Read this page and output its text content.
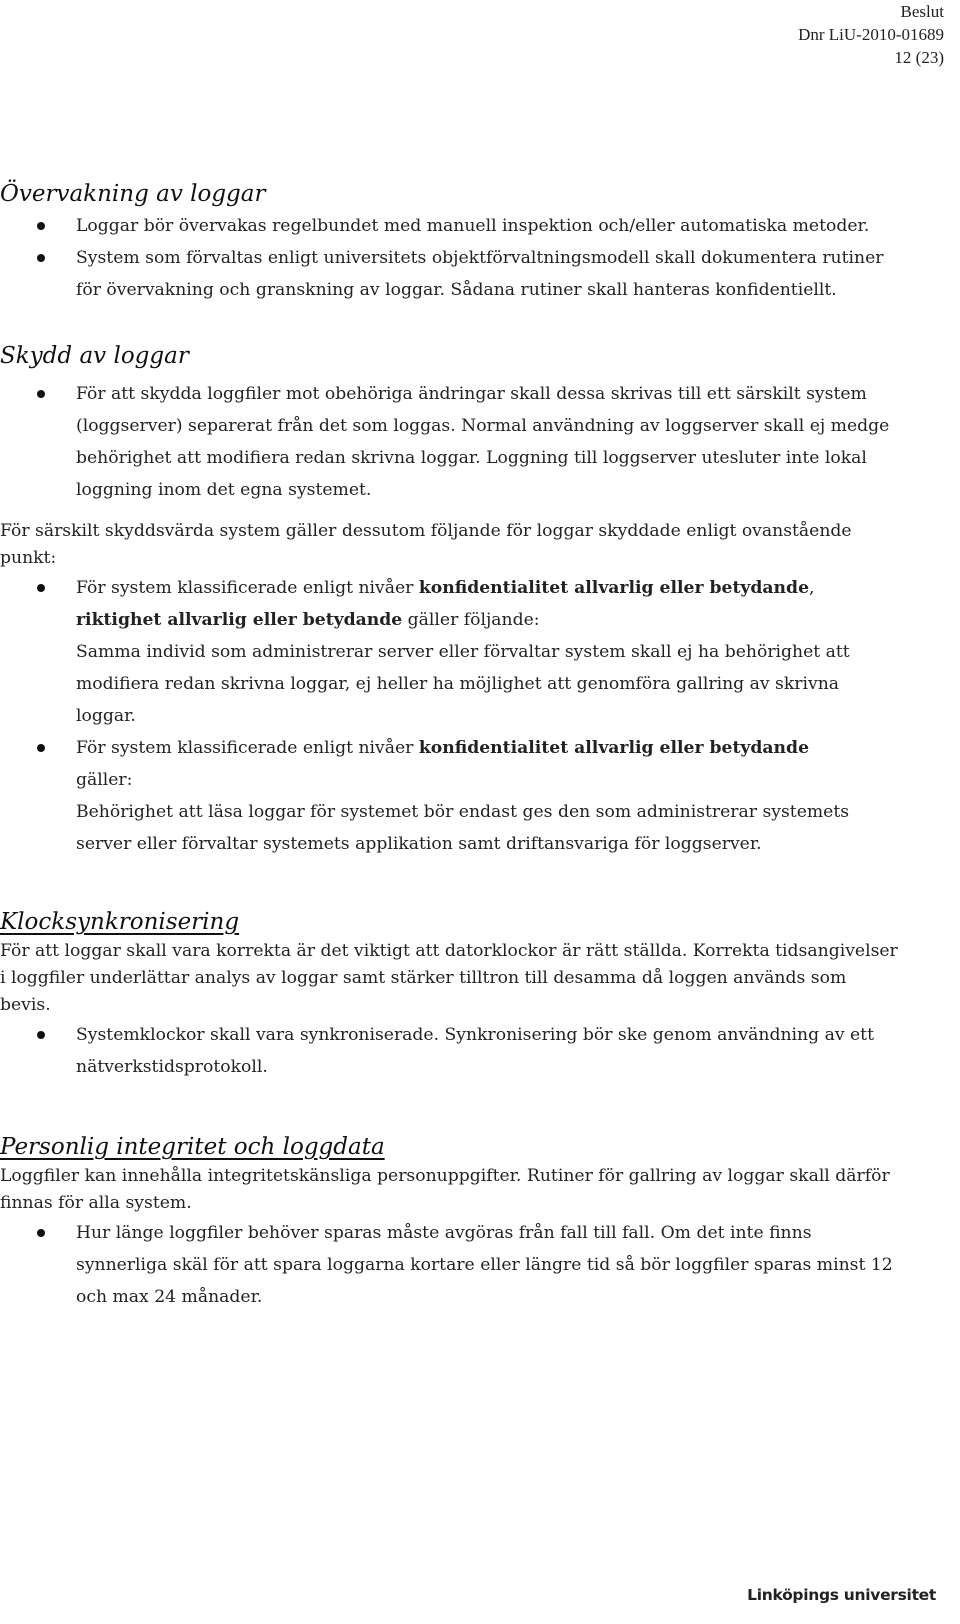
Beslut
Dnr LiU-2010-01689
12 (23)
Övervakning av loggar
Loggar bör övervakas regelbundet med manuell inspektion och/eller automatiska metoder.
System som förvaltas enligt universitets objektförvaltningsmodell skall dokumentera rutiner för övervakning och granskning av loggar. Sådana rutiner skall hanteras konfidentiellt.
Skydd av loggar
För att skydda loggfiler mot obehöriga ändringar skall dessa skrivas till ett särskilt system (loggserver) separerat från det som loggas. Normal användning av loggserver skall ej medge behörighet att modifiera redan skrivna loggar. Loggning till loggserver utesluter inte lokal loggning inom det egna systemet.

För särskilt skyddsvärda system gäller dessutom följande för loggar skyddade enligt ovanstående punkt:

För system klassificerade enligt nivåer konfidentialitet allvarlig eller betydande, riktighet allvarlig eller betydande gäller följande:
Samma individ som administrerar server eller förvaltar system skall ej ha behörighet att modifiera redan skrivna loggar, ej heller ha möjlighet att genomföra gallring av skrivna loggar.
För system klassificerade enligt nivåer konfidentialitet allvarlig eller betydande
gäller:
Behörighet att läsa loggar för systemet bör endast ges den som administrerar systemets server eller förvaltar systemets applikation samt driftansvariga för loggserver.
Klocksynkronisering

För att loggar skall vara korrekta är det viktigt att datorklockor är rätt ställda. Korrekta tidsangivelser i loggfiler underlättar analys av loggar samt stärker tilltron till desamma då loggen används som bevis.

Systemklockor skall vara synkroniserade. Synkronisering bör ske genom användning av ett nätverkstidsprotokoll.
Personlig integritet och loggdata

Loggfiler kan innehålla integritetskänsliga personuppgifter. Rutiner för gallring av loggar skall därför finnas för alla system.

Hur länge loggfiler behöver sparas måste avgöras från fall till fall. Om det inte finns synnerliga skäl för att spara loggarna kortare eller längre tid så bör loggfiler sparas minst 12 och max 24 månader.
Linköpings universitet
